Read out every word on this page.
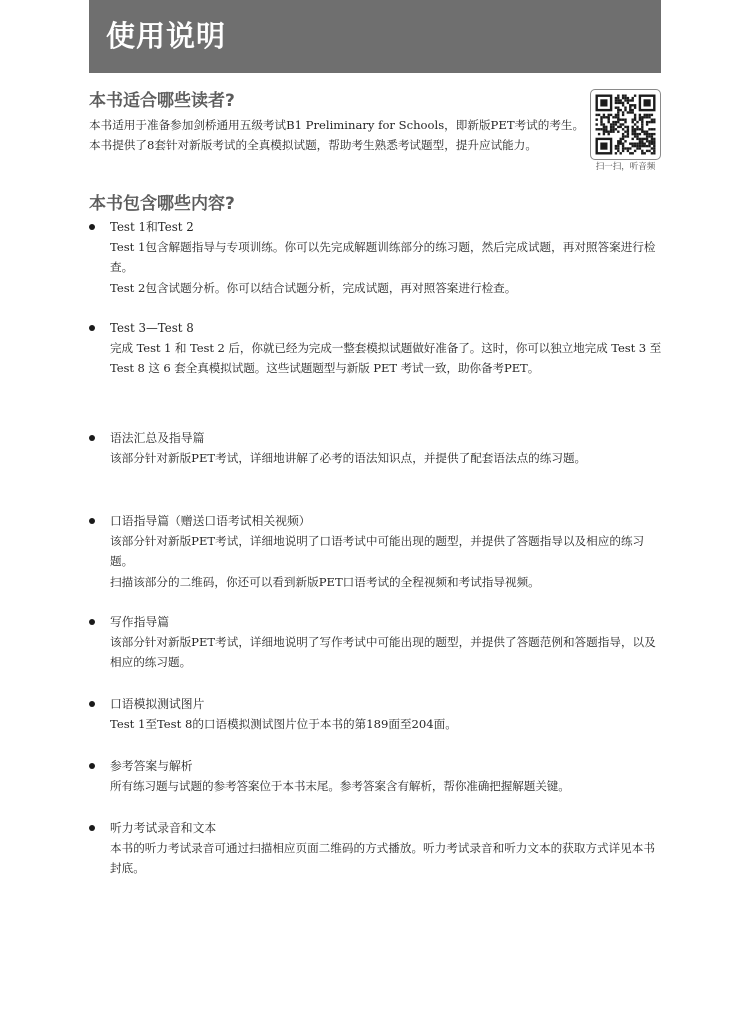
使用说明
本书适合哪些读者?

本书适用于准备参加剑桥通用五级考试B1 Preliminary for Schools，即新版PET考试的考生。本书提供了8套针对新版考试的全真模拟试题，帮助考生熟悉考试题型，提升应试能力。

扫一扫，听音频

本书包含哪些内容?

Test 1和Test 2

Test 1包含解题指导与专项训练。你可以先完成解题训练部分的练习题，然后完成试题，再对照答案进行检查。

Test 2包含试题分析。你可以结合试题分析，完成试题，再对照答案进行检查。

Test 3—Test 8

完成 Test 1 和 Test 2 后，你就已经为完成一整套模拟试题做好准备了。这时，你可以独立地完成 Test 3 至 Test 8 这 6 套全真模拟试题。这些试题题型与新版 PET 考试一致，助你备考PET。

语法汇总及指导篇

该部分针对新版PET考试，详细地讲解了必考的语法知识点，并提供了配套语法点的练习题。

口语指导篇（赠送口语考试相关视频）

该部分针对新版PET考试，详细地说明了口语考试中可能出现的题型，并提供了答题指导以及相应的练习题。

扫描该部分的二维码，你还可以看到新版PET口语考试的全程视频和考试指导视频。

写作指导篇

该部分针对新版PET考试，详细地说明了写作考试中可能出现的题型，并提供了答题范例和答题指导，以及相应的练习题。

口语模拟测试图片

Test 1至Test 8的口语模拟测试图片位于本书的第189面至204面。

参考答案与解析

所有练习题与试题的参考答案位于本书末尾。参考答案含有解析，帮你准确把握解题关键。

听力考试录音和文本

本书的听力考试录音可通过扫描相应页面二维码的方式播放。听力考试录音和听力文本的获取方式详见本书封底。
